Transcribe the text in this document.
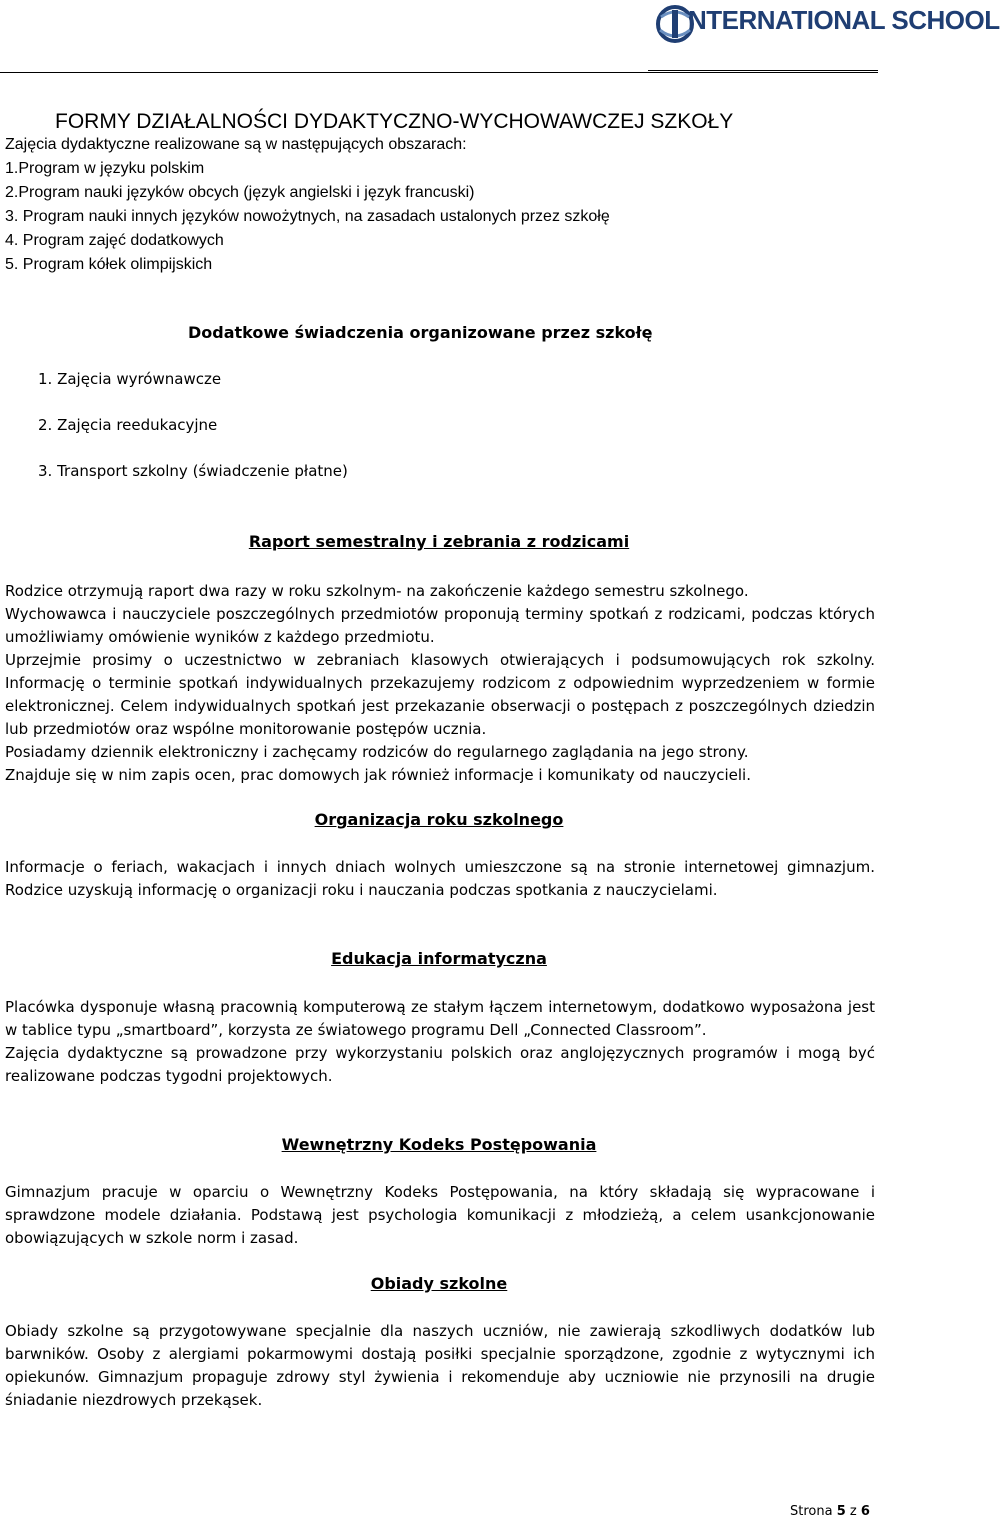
NTERNATIONAL SCHOOL
FORMY DZIAŁALNOŚCI DYDAKTYCZNO-WYCHOWAWCZEJ SZKOŁY
Zajęcia dydaktyczne realizowane są w następujących obszarach:
1.Program w języku polskim
2.Program nauki języków obcych (język angielski i język francuski)
3. Program nauki innych języków nowożytnych, na zasadach ustalonych przez szkołę
4. Program zajęć dodatkowych
5. Program kółek olimpijskich
Dodatkowe świadczenia organizowane przez szkołę
1. Zajęcia wyrównawcze
2. Zajęcia reedukacyjne
3. Transport szkolny (świadczenie płatne)
Raport semestralny i zebrania z rodzicami
Rodzice otrzymują raport dwa razy w roku szkolnym- na zakończenie każdego semestru szkolnego.
Wychowawca i nauczyciele poszczególnych przedmiotów proponują terminy spotkań z rodzicami, podczas których umożliwiamy omówienie wyników z każdego przedmiotu.
Uprzejmie prosimy o uczestnictwo w zebraniach klasowych otwierających i podsumowujących rok szkolny. Informację o terminie spotkań indywidualnych przekazujemy rodzicom z odpowiednim wyprzedzeniem w formie elektronicznej. Celem indywidualnych spotkań jest przekazanie obserwacji o postępach z poszczególnych dziedzin lub przedmiotów oraz wspólne monitorowanie postępów ucznia.
Posiadamy dziennik elektroniczny i zachęcamy rodziców do regularnego zaglądania na jego strony.
Znajduje się w nim zapis ocen, prac domowych jak również informacje i komunikaty od nauczycieli.
Organizacja roku szkolnego
Informacje o feriach, wakacjach i innych dniach wolnych umieszczone są na stronie internetowej gimnazjum. Rodzice uzyskują informację o organizacji roku i nauczania podczas spotkania z nauczycielami.
Edukacja informatyczna
Placówka dysponuje własną pracownią komputerową ze stałym łączem internetowym, dodatkowo wyposażona jest w tablice typu „smartboard”, korzysta ze światowego programu Dell „Connected Classroom”.
Zajęcia dydaktyczne są prowadzone przy wykorzystaniu polskich oraz anglojęzycznych programów i mogą być realizowane podczas tygodni projektowych.
Wewnętrzny Kodeks Postępowania
Gimnazjum pracuje w oparciu o Wewnętrzny Kodeks Postępowania, na który składają się wypracowane i sprawdzone modele działania. Podstawą jest psychologia komunikacji z młodzieżą, a celem usankcjonowanie obowiązujących w szkole norm i zasad.
Obiady szkolne
Obiady szkolne są przygotowywane specjalnie dla naszych uczniów, nie zawierają szkodliwych dodatków lub barwników. Osoby z alergiami pokarmowymi dostają posiłki specjalnie sporządzone, zgodnie z wytycznymi ich opiekunów. Gimnazjum propaguje zdrowy styl żywienia i rekomenduje aby uczniowie nie przynosili na drugie śniadanie niezdrowych przekąsek.
Strona 5 z 6
